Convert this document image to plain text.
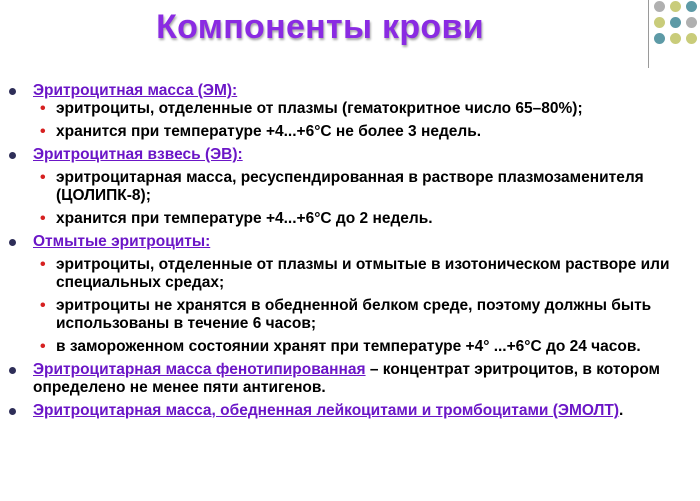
Компоненты крови
Эритроцитная масса (ЭМ):
• эритроциты, отделенные от плазмы (гематокритное число 65–80%);
• хранится при температуре +4...+6°С не более 3 недель.
Эритроцитная взвесь (ЭВ):
• эритроцитарная масса, ресуспендированная в растворе плазмозаменителя (ЦОЛИПК-8);
• хранится при температуре +4...+6°С до 2 недель.
Отмытые эритроциты:
• эритроциты, отделенные от плазмы и отмытые в изотоническом растворе или специальных средах;
• эритроциты не хранятся в обедненной белком среде, поэтому должны быть использованы в течение 6 часов;
• в замороженном состоянии хранят при температуре +4° ...+6°С до 24 часов.
Эритроцитарная масса фенотипированная – концентрат эритроцитов, в котором определено не менее пяти антигенов.
Эритроцитарная масса, обедненная лейкоцитами и тромбоцитами (ЭМОЛТ).
